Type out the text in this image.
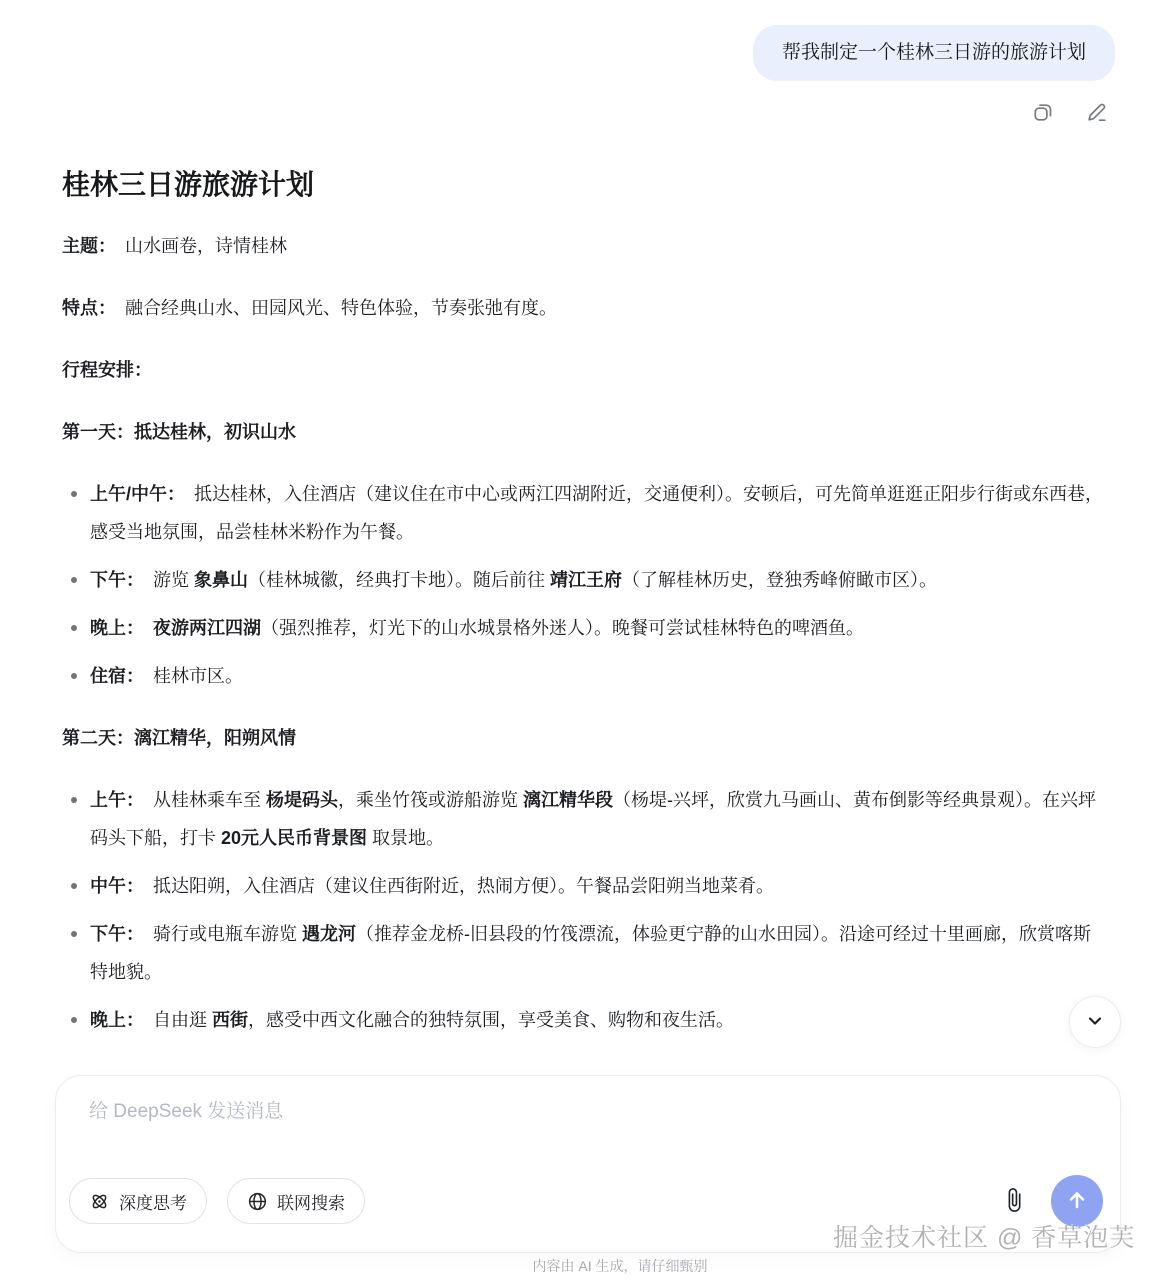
帮我制定一个桂林三日游的旅游计划
桂林三日游旅游计划

主题： 山水画卷，诗情桂林

特点： 融合经典山水、田园风光、特色体验，节奏张弛有度。

行程安排：

第一天：抵达桂林，初识山水

上午/中午： 抵达桂林，入住酒店（建议住在市中心或两江四湖附近，交通便利）。安顿后，可先简单逛逛正阳步行街或东西巷，感受当地氛围，品尝桂林米粉作为午餐。
下午： 游览 象鼻山（桂林城徽，经典打卡地）。随后前往 靖江王府（了解桂林历史，登独秀峰俯瞰市区）。
晚上： 夜游两江四湖（强烈推荐，灯光下的山水城景格外迷人）。晚餐可尝试桂林特色的啤酒鱼。
住宿： 桂林市区。

第二天：漓江精华，阳朔风情

上午： 从桂林乘车至 杨堤码头，乘坐竹筏或游船游览 漓江精华段（杨堤-兴坪，欣赏九马画山、黄布倒影等经典景观）。在兴坪码头下船，打卡 20元人民币背景图 取景地。
中午： 抵达阳朔，入住酒店（建议住西街附近，热闹方便）。午餐品尝阳朔当地菜肴。
下午： 骑行或电瓶车游览 遇龙河（推荐金龙桥-旧县段的竹筏漂流，体验更宁静的山水田园）。沿途可经过十里画廊，欣赏喀斯特地貌。
晚上： 自由逛 西街，感受中西文化融合的独特氛围，享受美食、购物和夜生活。
给 DeepSeek 发送消息
深度思考	联网搜索
掘金技术社区 @ 香草泡芙
内容由 AI 生成，请仔细甄别
